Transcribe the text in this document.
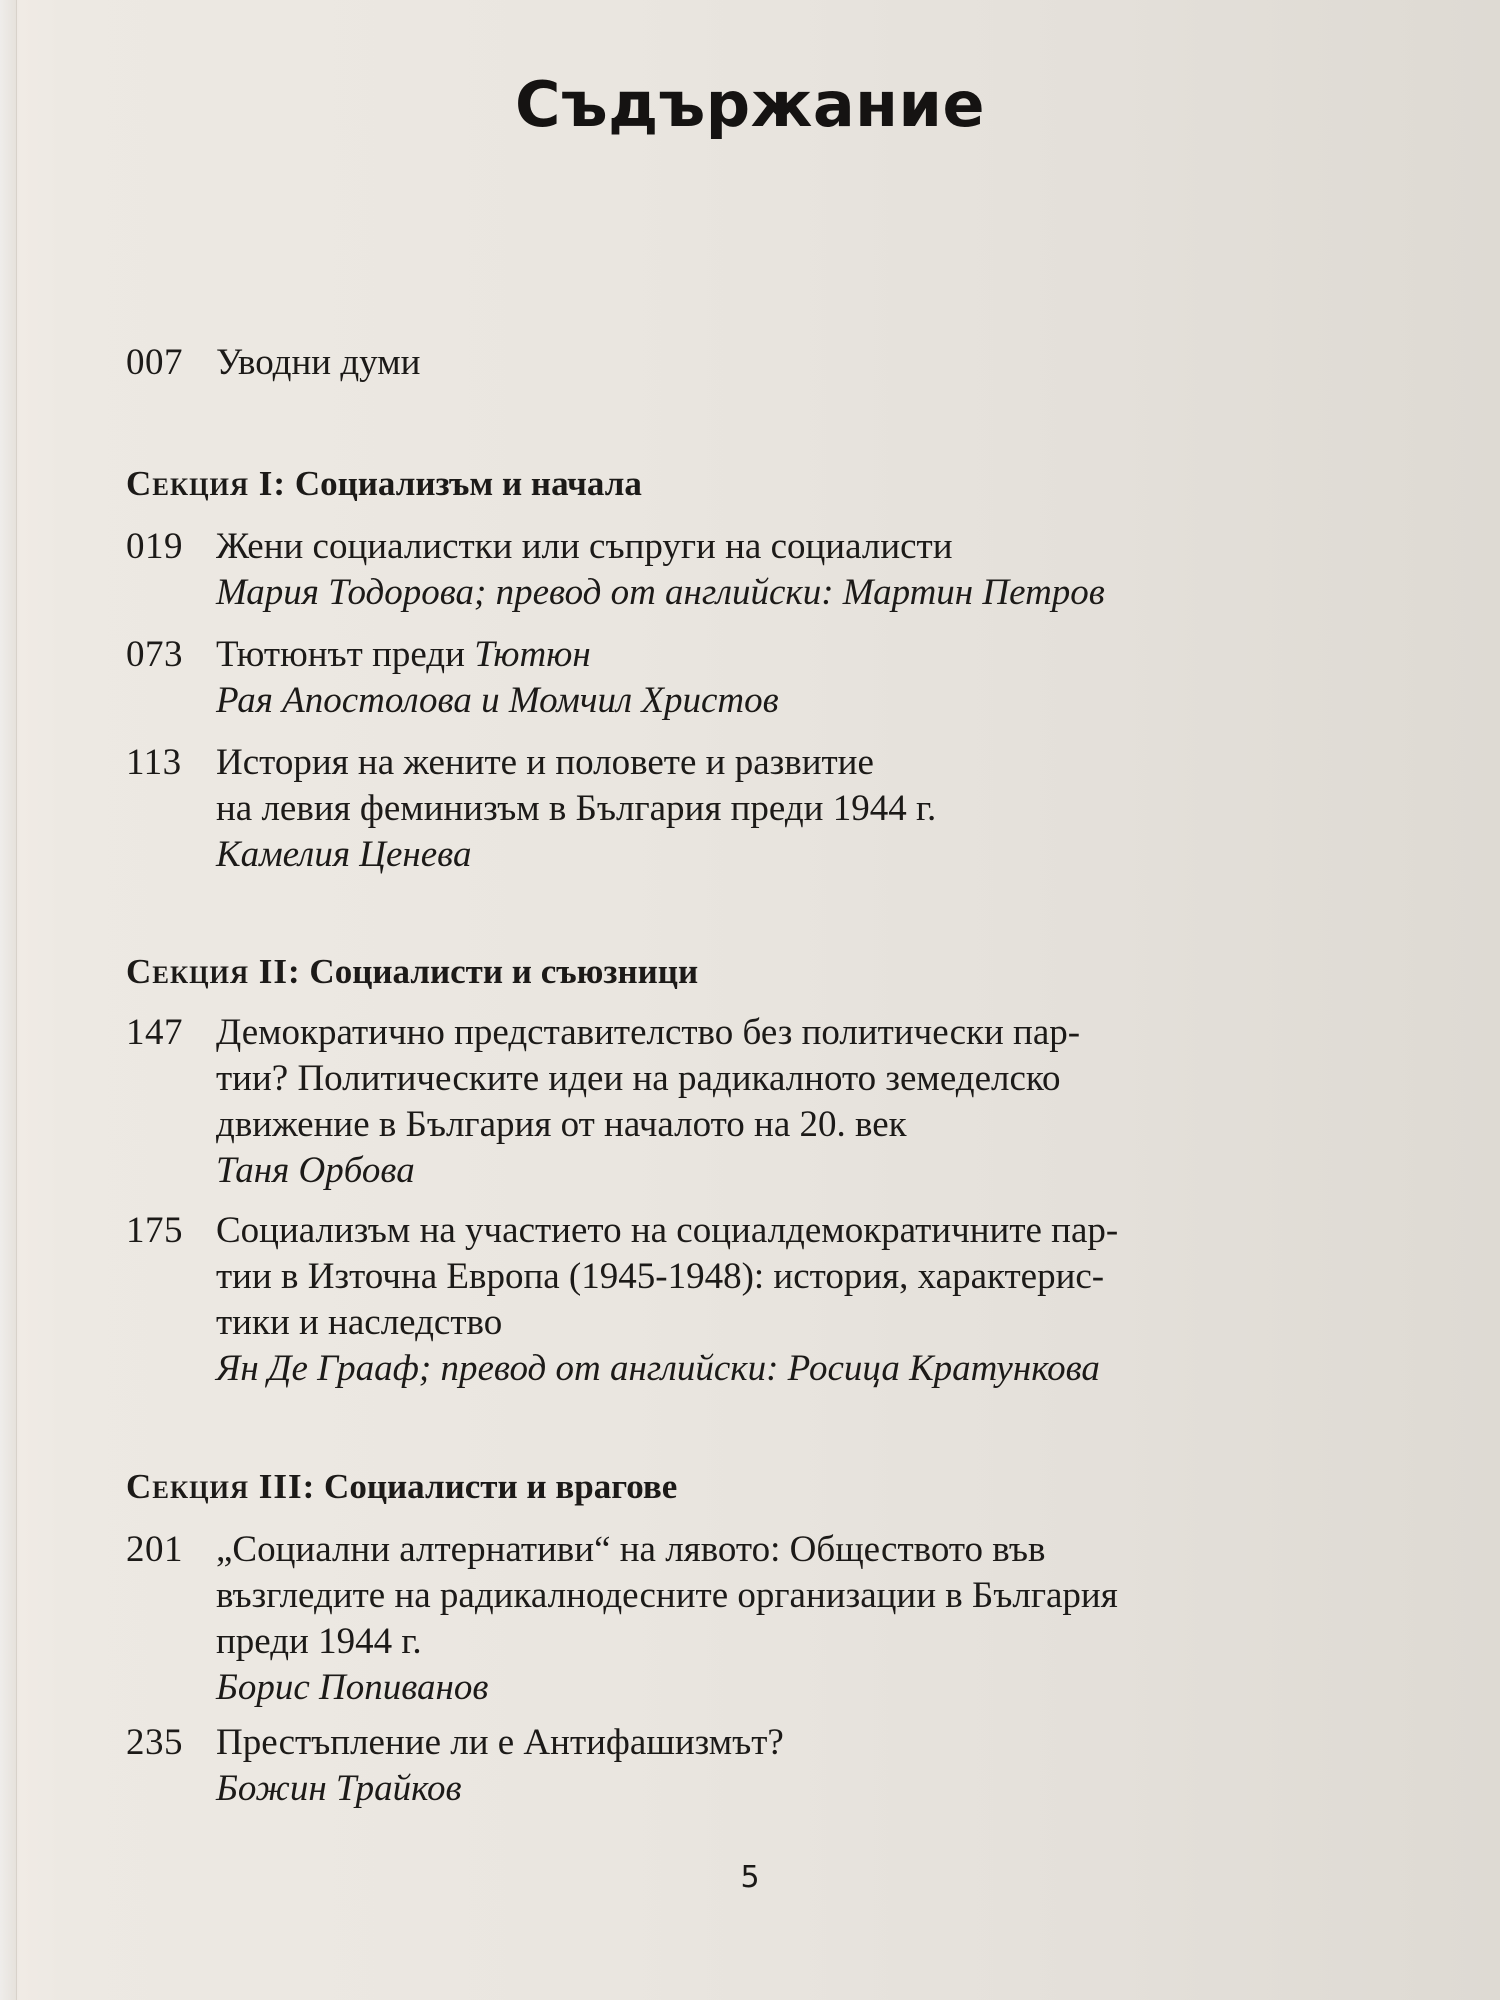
Съдържание
007 Уводни думи
Секция I: Социализъм и начала
019 Жени социалистки или съпруги на социалисти
Мария Тодорова; превод от английски: Мартин Петров
073 Тютюнът преди Тютюн
Рая Апостолова и Момчил Христов
113 История на жените и половете и развитие
на левия феминизъм в България преди 1944 г.
Камелия Ценева
Секция II: Социалисти и съюзници
147 Демократично представителство без политически пар-
тии? Политическите идеи на радикалното земеделско
движение в България от началото на 20. век
Таня Орбова
175 Социализъм на участието на социалдемократичните пар-
тии в Източна Европа (1945-1948): история, характерис-
тики и наследство
Ян Де Грааф; превод от английски: Росица Кратункова
Секция III: Социалисти и врагове
201 „Социални алтернативи“ на лявото: Обществото във
възгледите на радикалнодесните организации в България
преди 1944 г.
Борис Попиванов
235 Престъпление ли е Антифашизмът?
Божин Трайков
5
